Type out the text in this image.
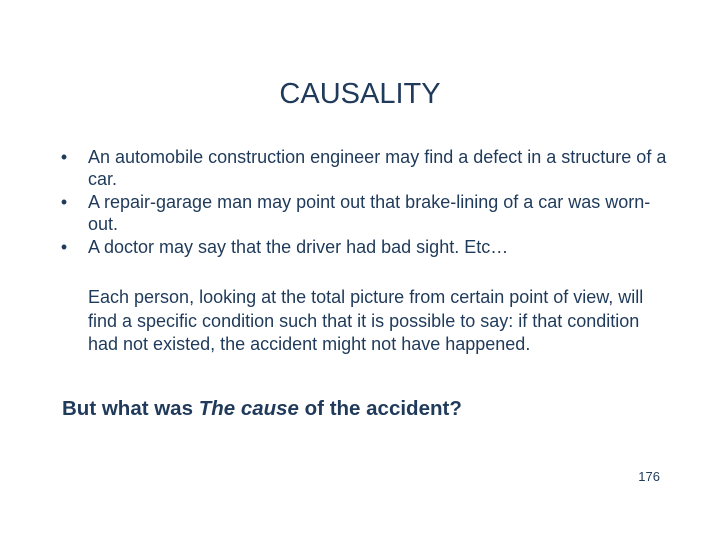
CAUSALITY
• An automobile construction engineer may find a defect in a structure of a car.
• A repair-garage man may point out that brake-lining of a car was worn-out.
• A doctor may say that the driver had bad sight. Etc…

Each person, looking at the total picture from certain point of view, will find a specific condition such that it is possible to say: if that condition had not existed, the accident might not have happened.

But what was The cause of the accident?

176
